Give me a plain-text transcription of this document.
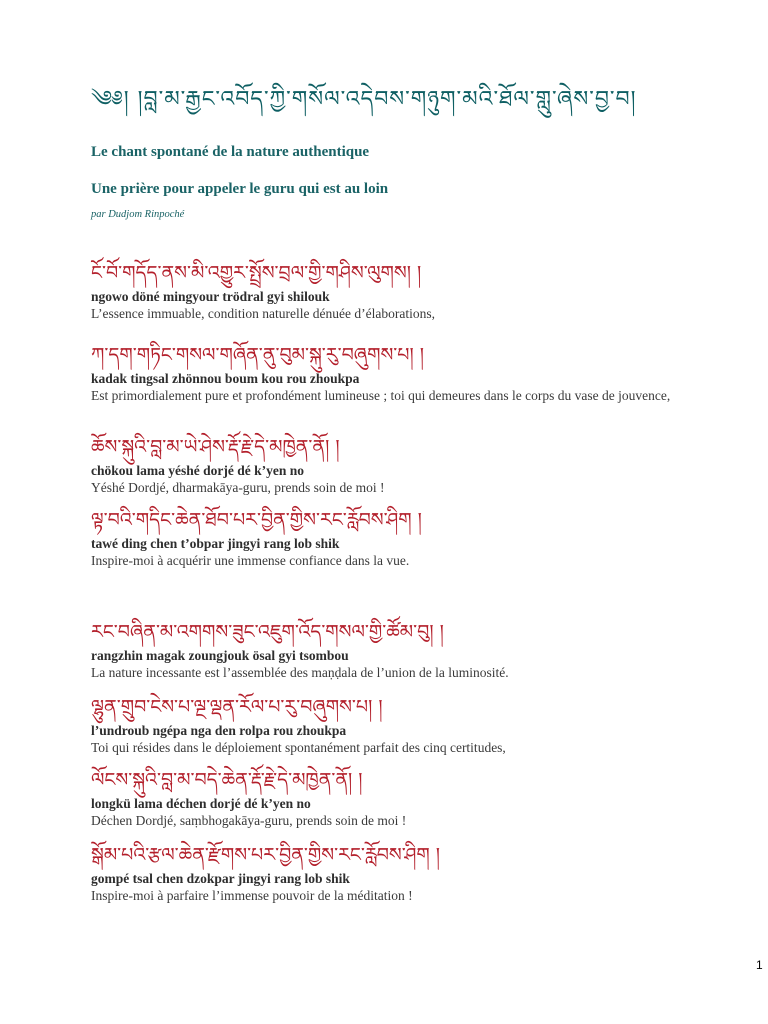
༄༅། །བླ་མ་རྒྱང་འབོད་ཀྱི་གསོལ་འདེབས་གཉུག་མའི་ཐོལ་གླུ་ཞེས་བྱ་བ།
Le chant spontané de la nature authentique
Une prière pour appeler le guru qui est au loin
par Dudjom Rinpoché
ངོ་བོ་གདོད་ནས་མི་འགྱུར་སྤྲོས་བྲལ་གྱི་གཤིས་ལུགས། །
ngowo döné mingyour trödral gyi shilouk
L’essence immuable, condition naturelle dénuée d’élaborations,
ཀ་དག་གཏིང་གསལ་གཞོན་ནུ་བུམ་སྐུ་རུ་བཞུགས་པ། །
kadak tingsal zhönnou boum kou rou zhoukpa
Est primordialement pure et profondément lumineuse ; toi qui demeures dans le corps du vase de jouvence,
ཆོས་སྐུའི་བླ་མ་ཡེ་ཤེས་རྡོ་རྗེ་དེ་མཁྱེན་ནོ། །
chökou lama yéshé dorjé dé k’yen no
Yéshé Dordjé, dharmakāya-guru, prends soin de moi !
ལྟ་བའི་གདིང་ཆེན་ཐོབ་པར་བྱིན་གྱིས་རང་རློབས་ཤིག །
tawé ding chen t’obpar jingyi rang lob shik
Inspire-moi à acquérir une immense confiance dans la vue.
རང་བཞིན་མ་འགགས་ཟུང་འཇུག་འོད་གསལ་གྱི་ཚོམ་བུ། །
rangzhin magak zoungjouk ösal gyi tsombou
La nature incessante est l’assemblée des maṇḍala de l’union de la luminosité.
ལྷུན་གྲུབ་ངེས་པ་ལྔ་ལྡན་རོལ་པ་རུ་བཞུགས་པ། །
l’undroub ngépa nga den rolpa rou zhoukpa
Toi qui résides dans le déploiement spontanément parfait des cinq certitudes,
ལོངས་སྐུའི་བླ་མ་བདེ་ཆེན་རྡོ་རྗེ་དེ་མཁྱེན་ནོ། །
longkü lama déchen dorjé dé k’yen no
Déchen Dordjé, saṃbhogakāya-guru, prends soin de moi !
སྒོམ་པའི་རྩལ་ཆེན་རྫོགས་པར་བྱིན་གྱིས་རང་རློབས་ཤིག །
gompé tsal chen dzokpar jingyi rang lob shik
Inspire-moi à parfaire l’immense pouvoir de la méditation !
1
